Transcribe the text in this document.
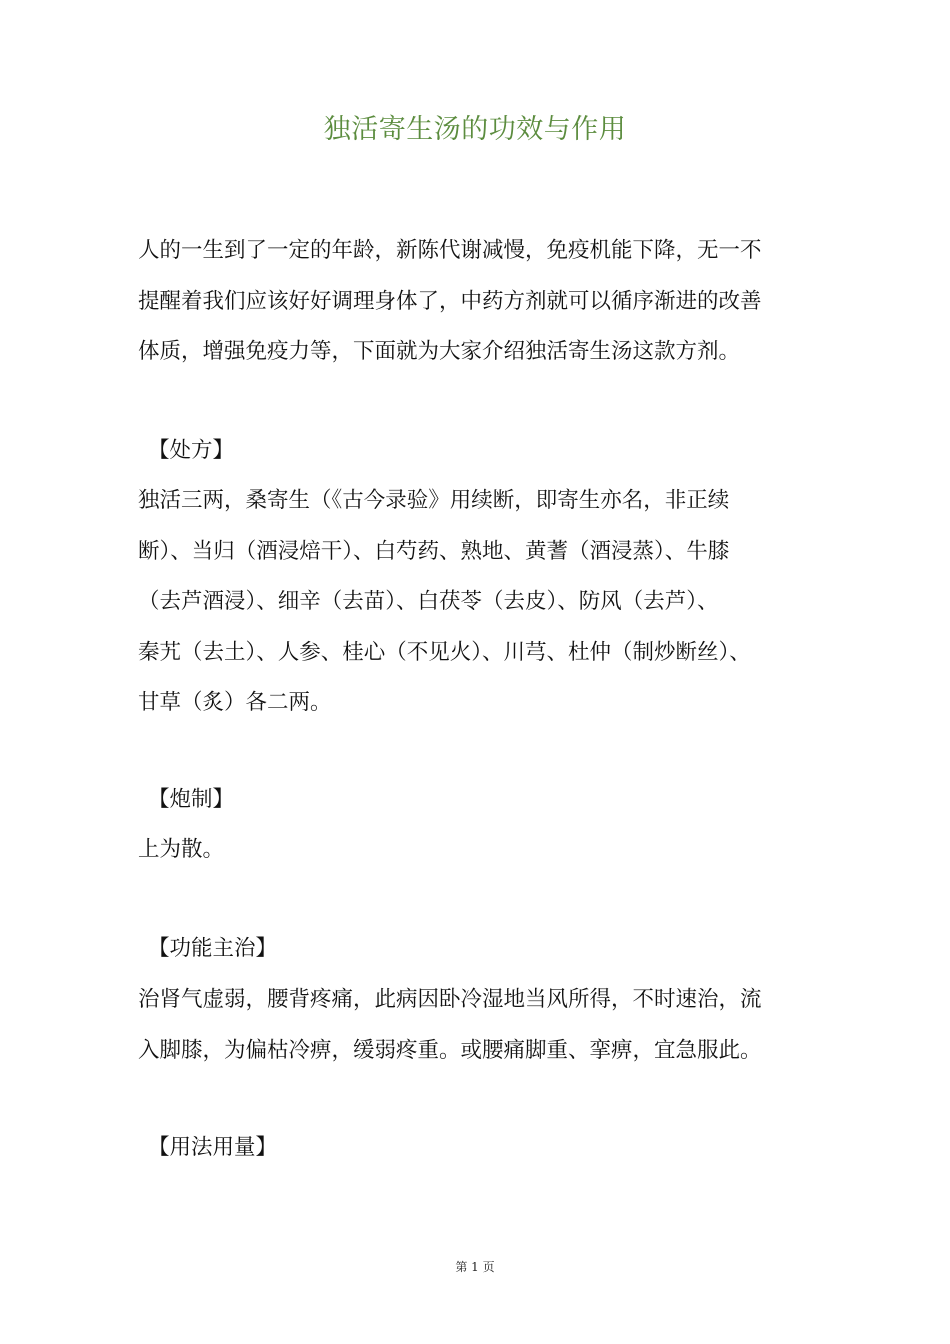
独活寄生汤的功效与作用

人的一生到了一定的年龄，新陈代谢减慢，免疫机能下降，无一不
提醒着我们应该好好调理身体了，中药方剂就可以循序渐进的改善
体质，增强免疫力等，下面就为大家介绍独活寄生汤这款方剂。

【处方】

独活三两，桑寄生（《古今录验》用续断，即寄生亦名，非正续
断）、当归（酒浸焙干）、白芍药、熟地、黄蓍（酒浸蒸）、牛膝
（去芦酒浸）、细辛（去苗）、白茯苓（去皮）、防风（去芦）、
秦艽（去土）、人参、桂心（不见火）、川芎、杜仲（制炒断丝）、
甘草（炙）各二两。

【炮制】

上为散。

【功能主治】

治肾气虚弱，腰背疼痛，此病因卧冷湿地当风所得，不时速治，流
入脚膝，为偏枯冷痹，缓弱疼重。或腰痛脚重、挛痹，宜急服此。

【用法用量】
第 1 页
